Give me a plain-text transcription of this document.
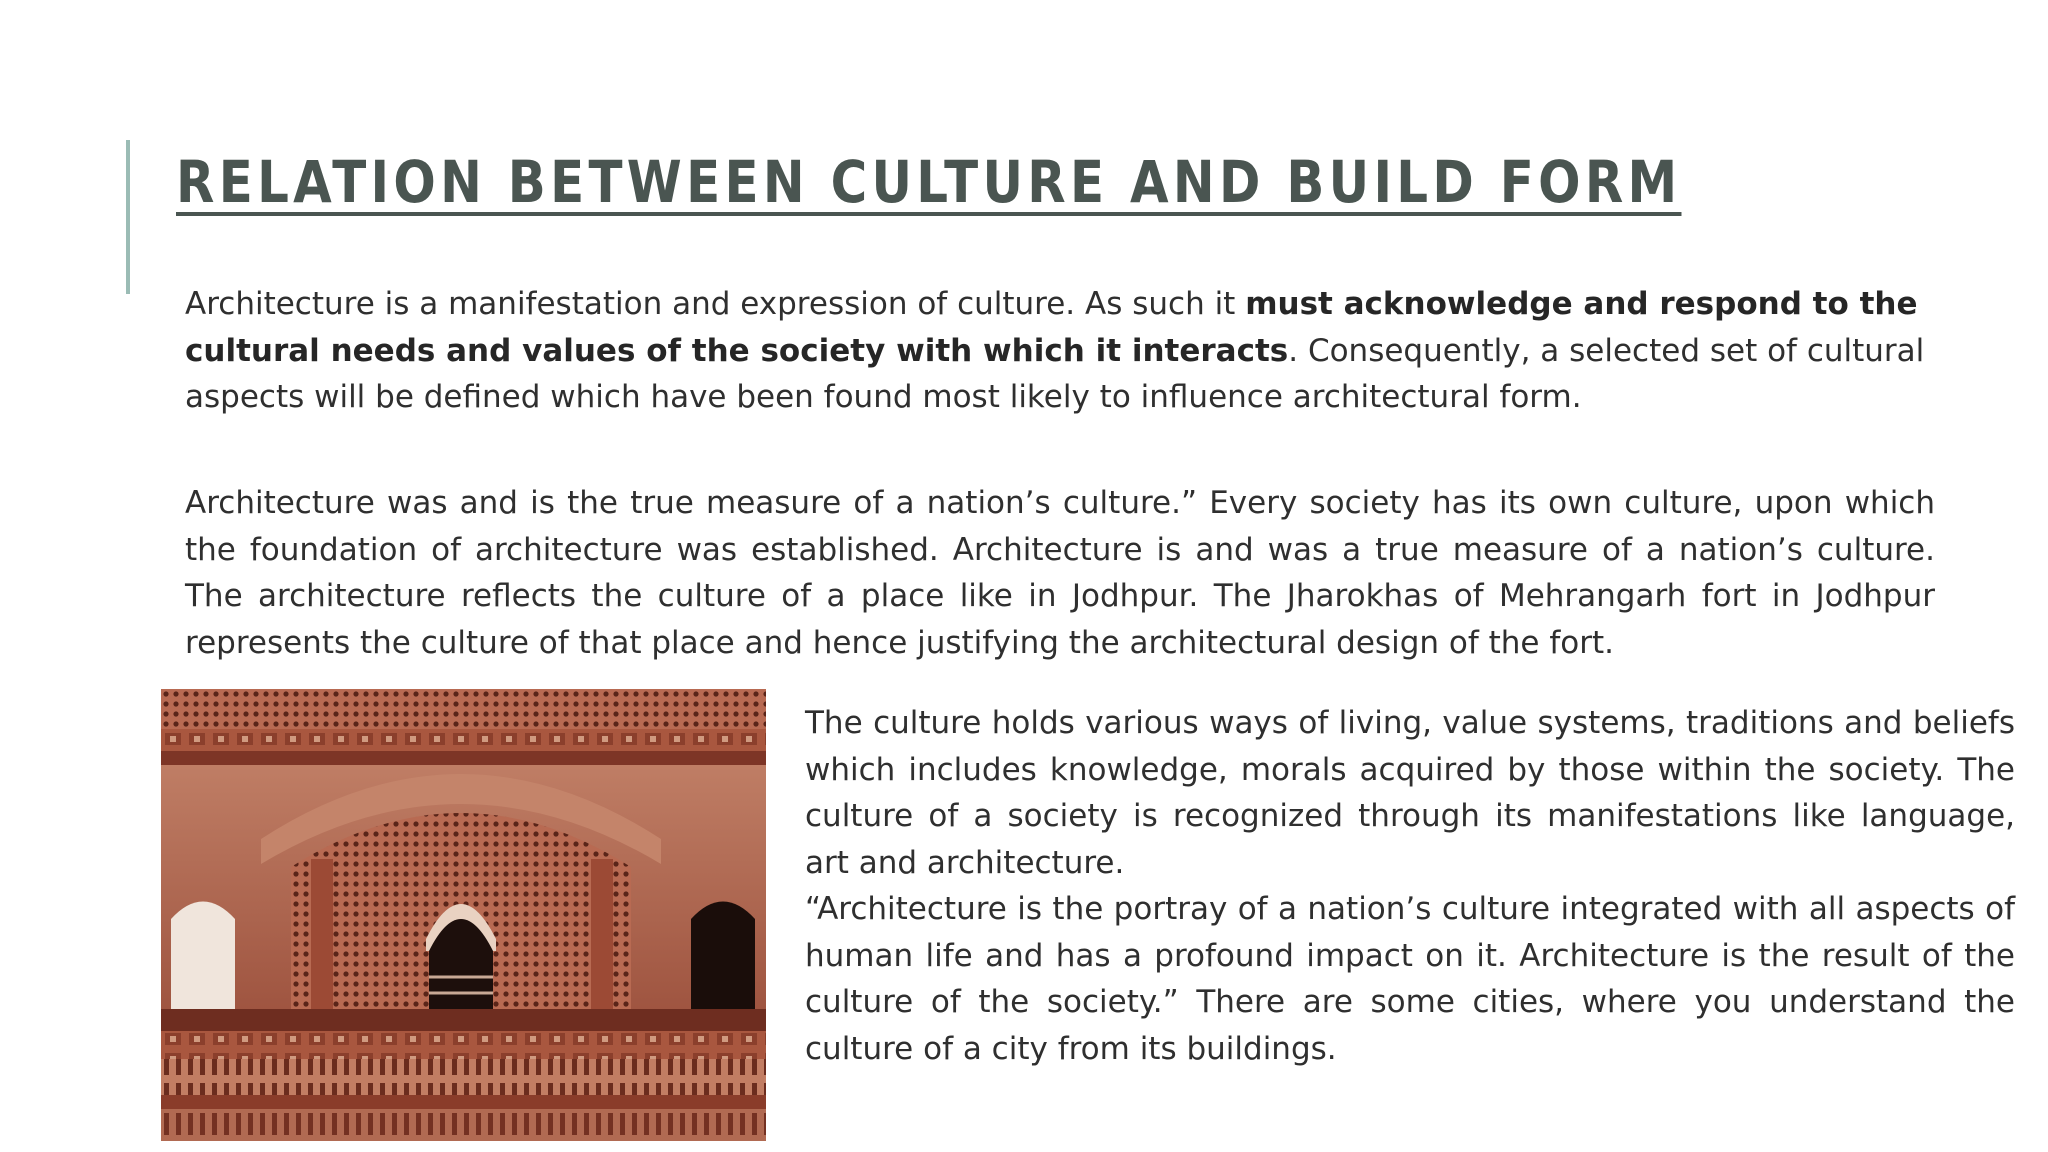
RELATION BETWEEN CULTURE AND BUILD FORM

Architecture is a manifestation and expression of culture. As such it must acknowledge and respond to the cultural needs and values of the society with which it interacts. Consequently, a selected set of cultural aspects will be defined which have been found most likely to influence architectural form.

Architecture was and is the true measure of a nation’s culture.” Every society has its own culture, upon which the foundation of architecture was established. Architecture is and was a true measure of a nation’s culture. The architecture reflects the culture of a place like in Jodhpur. The Jharokhas of Mehrangarh fort in Jodhpur represents the culture of that place and hence justifying the architectural design of the fort.

The culture holds various ways of living, value systems, traditions and beliefs which includes knowledge, morals acquired by those within the society. The culture of a society is recognized through its manifestations like language, art and architecture.
“Architecture is the portray of a nation’s culture integrated with all aspects of human life and has a profound impact on it. Architecture is the result of the culture of the society.” There are some cities, where you understand the culture of a city from its buildings.
